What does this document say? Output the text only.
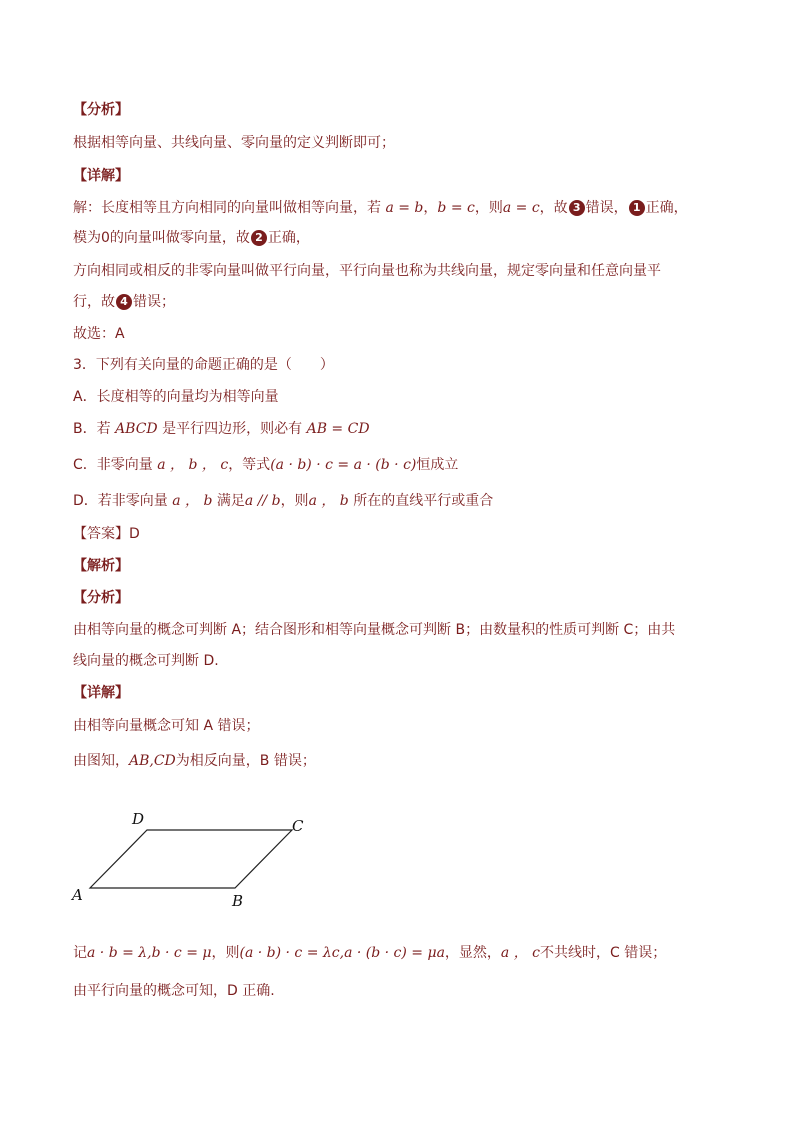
【分析】
根据相等向量、共线向量、零向量的定义判断即可；
【详解】
解：长度相等且方向相同的向量叫做相等向量，若 a = b，b = c，则a = c，故 3 错误， 1 正确，
模为0的向量叫做零向量，故 2 正确，
方向相同或相反的非零向量叫做平行向量，平行向量也称为共线向量，规定零向量和任意向量平
行，故 4 错误；
故选：A
3．下列有关向量的命题正确的是（　　）
A．长度相等的向量均为相等向量
B．若 ABCD 是平行四边形，则必有 AB = CD
C．非零向量 a ， b ， c，等式(a · b) · c = a · (b · c)恒成立
D．若非零向量 a ， b 满足a // b，则a ， b 所在的直线平行或重合
【答案】D
【解析】
【分析】
由相等向量的概念可判断 A；结合图形和相等向量概念可判断 B；由数量积的性质可判断 C；由共
线向量的概念可判断 D.
【详解】
由相等向量概念可知 A 错误；
由图知，AB,CD为相反向量，B 错误；
D	C
A	B
记a · b = λ,b · c = μ，则(a · b) · c = λc,a · (b · c) = μa，显然，a ， c不共线时，C 错误；
由平行向量的概念可知，D 正确.
